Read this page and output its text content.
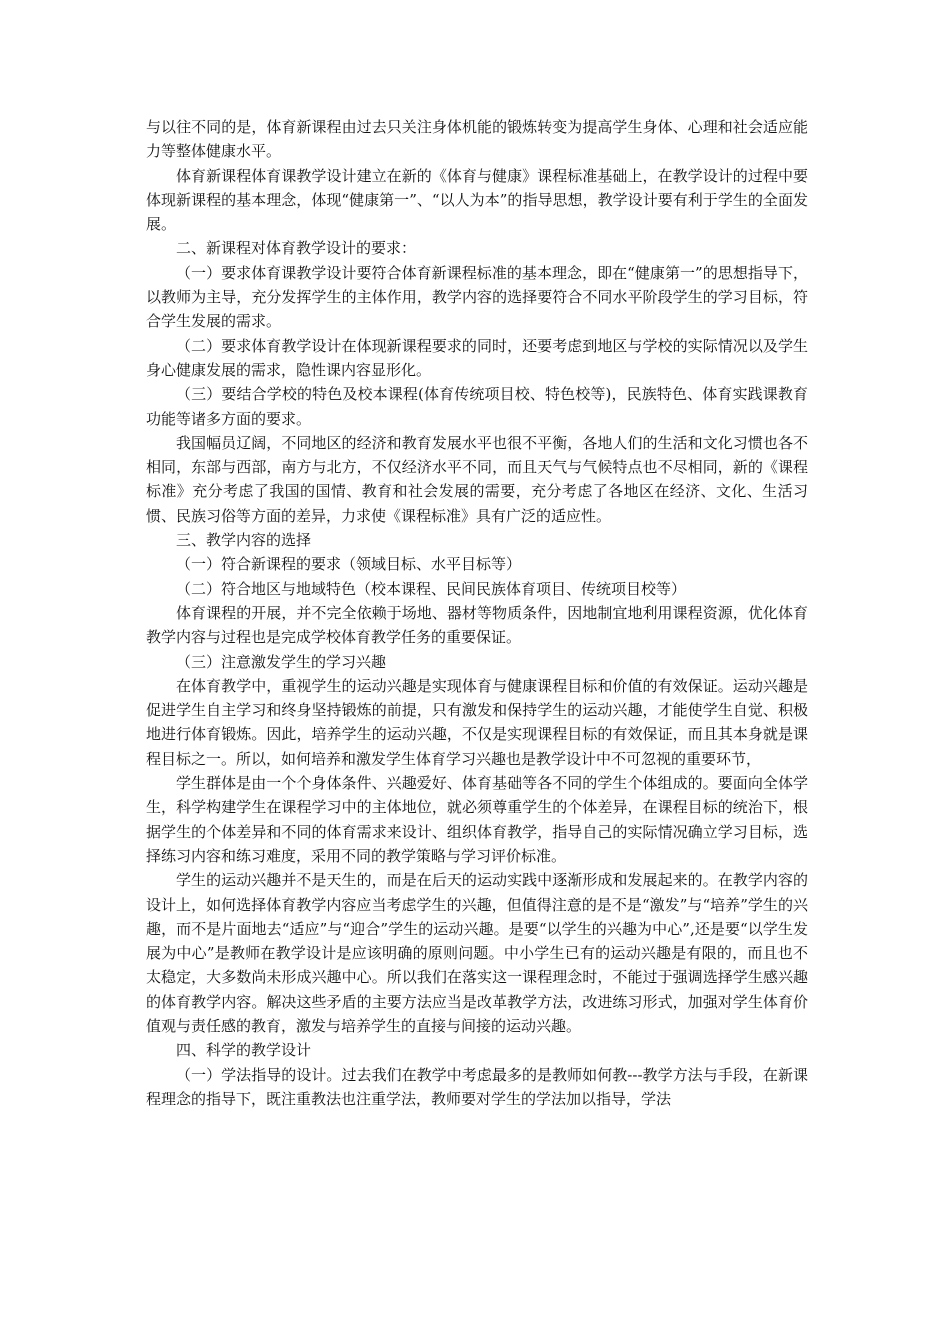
与以往不同的是，体育新课程由过去只关注身体机能的锻炼转变为提高学生身体、心理和社会适应能力等整体健康水平。

体育新课程体育课教学设计建立在新的《体育与健康》课程标准基础上，在教学设计的过程中要体现新课程的基本理念，体现“健康第一”、“以人为本”的指导思想，教学设计要有利于学生的全面发展。

二、新课程对体育教学设计的要求：

（一）要求体育课教学设计要符合体育新课程标准的基本理念，即在“健康第一”的思想指导下，以教师为主导，充分发挥学生的主体作用，教学内容的选择要符合不同水平阶段学生的学习目标，符合学生发展的需求。

（二）要求体育教学设计在体现新课程要求的同时，还要考虑到地区与学校的实际情况以及学生身心健康发展的需求，隐性课内容显形化。

（三）要结合学校的特色及校本课程(体育传统项目校、特色校等)，民族特色、体育实践课教育功能等诸多方面的要求。

我国幅员辽阔，不同地区的经济和教育发展水平也很不平衡，各地人们的生活和文化习惯也各不相同，东部与西部，南方与北方，不仅经济水平不同，而且天气与气候特点也不尽相同，新的《课程标准》充分考虑了我国的国情、教育和社会发展的需要，充分考虑了各地区在经济、文化、生活习惯、民族习俗等方面的差异，力求使《课程标准》具有广泛的适应性。

三、教学内容的选择

（一）符合新课程的要求（领域目标、水平目标等）

（二）符合地区与地域特色（校本课程、民间民族体育项目、传统项目校等）

体育课程的开展，并不完全依赖于场地、器材等物质条件，因地制宜地利用课程资源，优化体育教学内容与过程也是完成学校体育教学任务的重要保证。

（三）注意激发学生的学习兴趣

在体育教学中，重视学生的运动兴趣是实现体育与健康课程目标和价值的有效保证。运动兴趣是促进学生自主学习和终身坚持锻炼的前提，只有激发和保持学生的运动兴趣，才能使学生自觉、积极地进行体育锻炼。因此，培养学生的运动兴趣，不仅是实现课程目标的有效保证，而且其本身就是课程目标之一。所以，如何培养和激发学生体育学习兴趣也是教学设计中不可忽视的重要环节，

学生群体是由一个个身体条件、兴趣爱好、体育基础等各不同的学生个体组成的。要面向全体学生，科学构建学生在课程学习中的主体地位，就必须尊重学生的个体差异，在课程目标的统治下，根据学生的个体差异和不同的体育需求来设计、组织体育教学，指导自己的实际情况确立学习目标，选择练习内容和练习难度，采用不同的教学策略与学习评价标准。

学生的运动兴趣并不是天生的，而是在后天的运动实践中逐渐形成和发展起来的。在教学内容的设计上，如何选择体育教学内容应当考虑学生的兴趣，但值得注意的是不是“激发”与“培养”学生的兴趣，而不是片面地去“适应”与“迎合”学生的运动兴趣。是要“以学生的兴趣为中心”,还是要“以学生发展为中心”是教师在教学设计是应该明确的原则问题。中小学生已有的运动兴趣是有限的，而且也不太稳定，大多数尚未形成兴趣中心。所以我们在落实这一课程理念时，不能过于强调选择学生感兴趣的体育教学内容。解决这些矛盾的主要方法应当是改革教学方法，改进练习形式，加强对学生体育价值观与责任感的教育，激发与培养学生的直接与间接的运动兴趣。

四、科学的教学设计

（一）学法指导的设计。过去我们在教学中考虑最多的是教师如何教---教学方法与手段，在新课程理念的指导下，既注重教法也注重学法，教师要对学生的学法加以指导，学法
